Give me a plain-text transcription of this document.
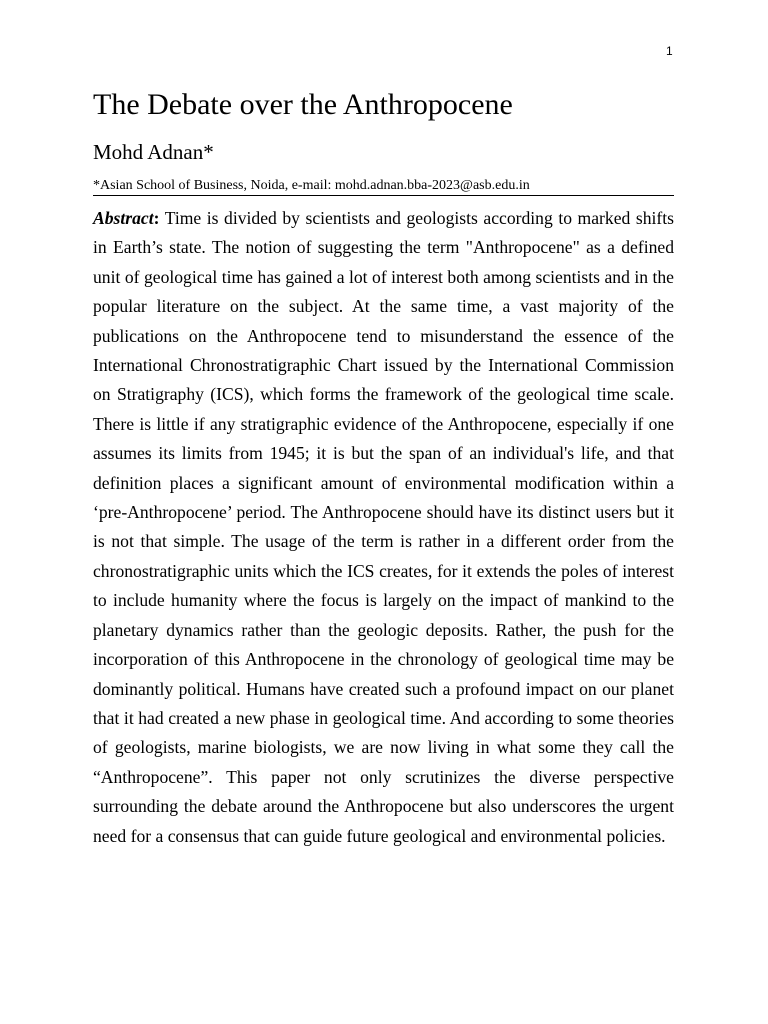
1
The Debate over the Anthropocene

Mohd Adnan*

*Asian School of Business, Noida, e-mail: mohd.adnan.bba-2023@asb.edu.in

Abstract: Time is divided by scientists and geologists according to marked shifts in Earth’s state. The notion of suggesting the term "Anthropocene" as a defined unit of geological time has gained a lot of interest both among scientists and in the popular literature on the subject. At the same time, a vast majority of the publications on the Anthropocene tend to misunderstand the essence of the International Chronostratigraphic Chart issued by the International Commission on Stratigraphy (ICS), which forms the framework of the geological time scale. There is little if any stratigraphic evidence of the Anthropocene, especially if one assumes its limits from 1945; it is but the span of an individual's life, and that definition places a significant amount of environmental modification within a ‘pre-Anthropocene’ period. The Anthropocene should have its distinct users but it is not that simple. The usage of the term is rather in a different order from the chronostratigraphic units which the ICS creates, for it extends the poles of interest to include humanity where the focus is largely on the impact of mankind to the planetary dynamics rather than the geologic deposits. Rather, the push for the incorporation of this Anthropocene in the chronology of geological time may be dominantly political. Humans have created such a profound impact on our planet that it had created a new phase in geological time. And according to some theories of geologists, marine biologists, we are now living in what some they call the “Anthropocene”. This paper not only scrutinizes the diverse perspective surrounding the debate around the Anthropocene but also underscores the urgent need for a consensus that can guide future geological and environmental policies.
